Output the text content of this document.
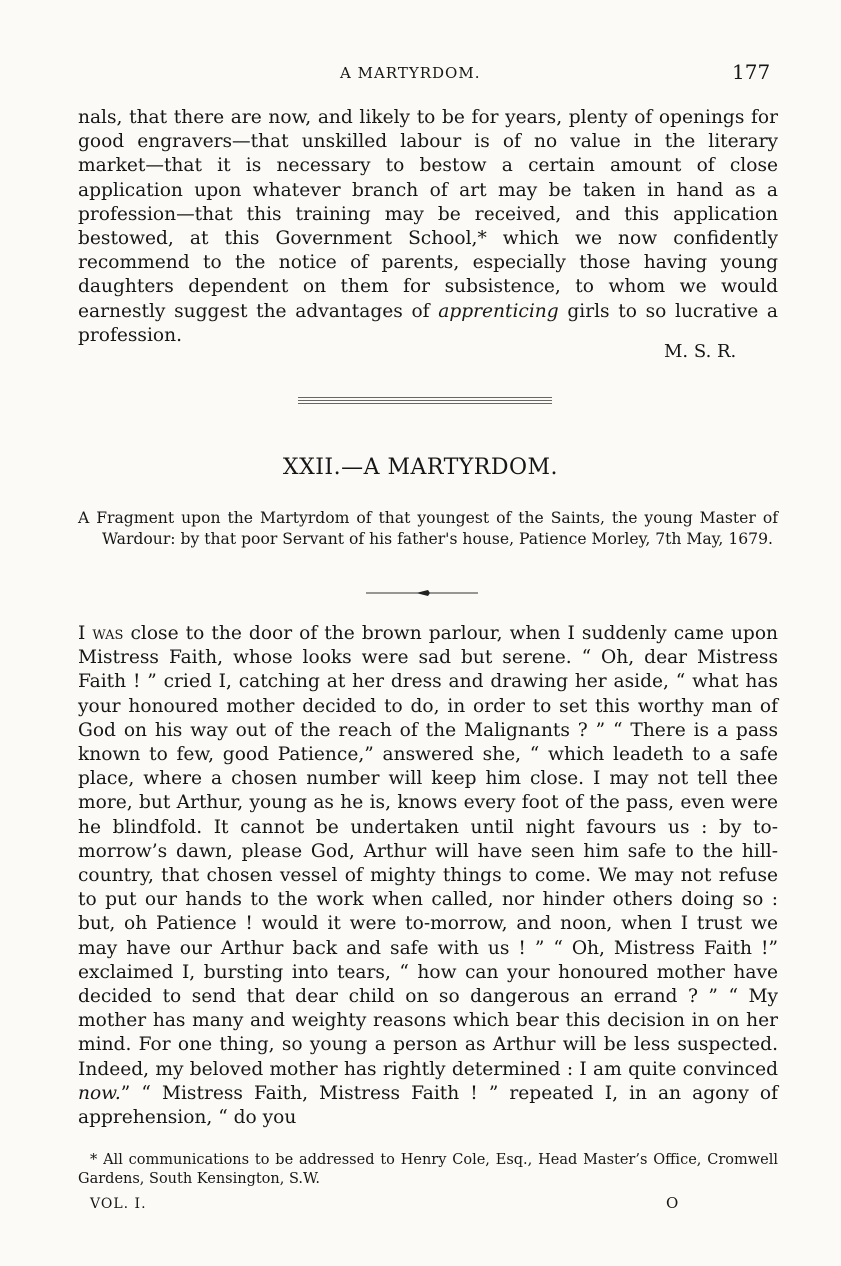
A MARTYRDOM.	177

nals, that there are now, and likely to be for years, plenty of openings for good engravers—that unskilled labour is of no value in the literary market—that it is necessary to bestow a certain amount of close application upon whatever branch of art may be taken in hand as a profession—that this training may be received, and this application bestowed, at this Government School,* which we now confidently recommend to the notice of parents, especially those having young daughters dependent on them for subsistence, to whom we would earnestly suggest the advantages of apprenticing girls to so lucrative a profession.

M. S. R.
XXII.—A MARTYRDOM.

A Fragment upon the Martyrdom of that youngest of the Saints, the young Master of Wardour: by that poor Servant of his father's house, Patience Morley, 7th May, 1679.

I was close to the door of the brown parlour, when I suddenly came upon Mistress Faith, whose looks were sad but serene. “ Oh, dear Mistress Faith ! ” cried I, catching at her dress and drawing her aside, “ what has your honoured mother decided to do, in order to set this worthy man of God on his way out of the reach of the Malignants ? ” “ There is a pass known to few, good Patience,” answered she, “ which leadeth to a safe place, where a chosen number will keep him close. I may not tell thee more, but Arthur, young as he is, knows every foot of the pass, even were he blindfold. It cannot be undertaken until night favours us : by to-morrow’s dawn, please God, Arthur will have seen him safe to the hill-country, that chosen vessel of mighty things to come. We may not refuse to put our hands to the work when called, nor hinder others doing so : but, oh Patience ! would it were to-morrow, and noon, when I trust we may have our Arthur back and safe with us ! ” “ Oh, Mistress Faith !” exclaimed I, bursting into tears, “ how can your honoured mother have decided to send that dear child on so dangerous an errand ? ” “ My mother has many and weighty reasons which bear this decision in on her mind. For one thing, so young a person as Arthur will be less suspected. Indeed, my beloved mother has rightly determined : I am quite convinced now.” “ Mistress Faith, Mistress Faith ! ” repeated I, in an agony of apprehension, “ do you

* All communications to be addressed to Henry Cole, Esq., Head Master’s Office, Cromwell Gardens, South Kensington, S.W.

VOL. I.	O
